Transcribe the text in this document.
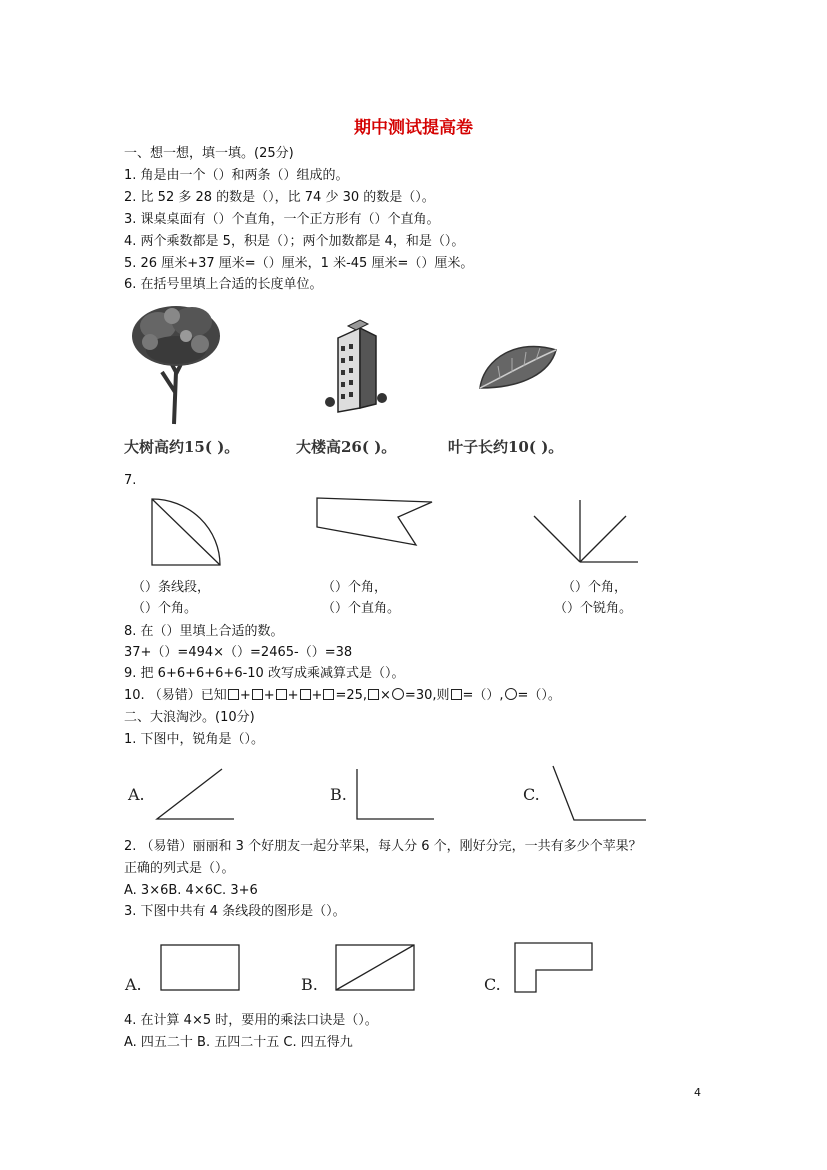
期中测试提高卷
一、想一想，填一填。(25分)
1. 角是由一个（）和两条（）组成的。
2. 比 52 多 28 的数是（），比 74 少 30 的数是（）。
3. 课桌桌面有（）个直角，一个正方形有（）个直角。
4. 两个乘数都是 5，积是（）；两个加数都是 4，和是（）。
5. 26 厘米+37 厘米=（）厘米，1 米-45 厘米=（）厘米。
6. 在括号里填上合适的长度单位。
大树高约15( )。	大楼高26( )。	叶子长约10( )。
7.
（）条线段，
（）个角。
（）个角，
（）个直角。
（）个角，
（）个锐角。
8. 在（）里填上合适的数。
37+（）=494×（）=2465-（）=38
9. 把 6+6+6+6+6-10 改写成乘减算式是（）。
10. （易错）已知 + + + + =25, × =30,则 =（）, =（）。
二、大浪淘沙。(10分)
1. 下图中，锐角是（）。
A.	B.	C.
2. （易错）丽丽和 3 个好朋友一起分苹果，每人分 6 个，刚好分完，一共有多少个苹果？
正确的列式是（）。
A. 3×6B. 4×6C. 3+6
3. 下图中共有 4 条线段的图形是（）。
A.	B.	C.
4. 在计算 4×5 时，要用的乘法口诀是（）。
A. 四五二十 B. 五四二十五 C. 四五得九
4
